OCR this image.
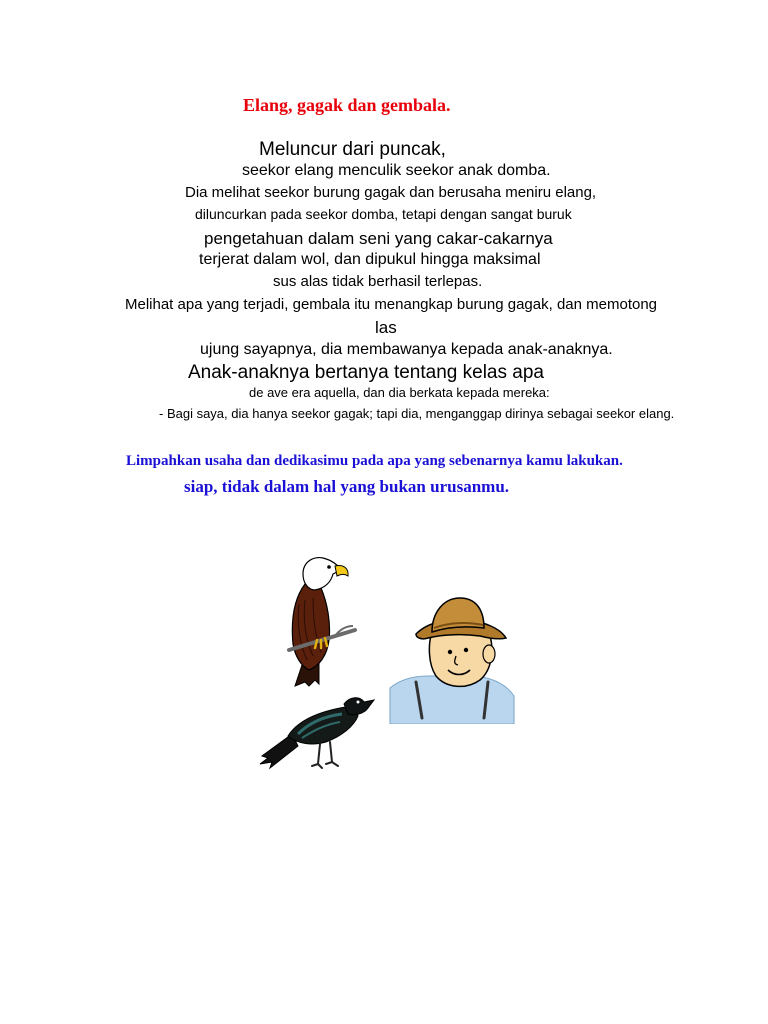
Elang, gagak dan gembala.
Meluncur dari puncak,
seekor elang menculik seekor anak domba.
Dia melihat seekor burung gagak dan berusaha meniru elang,
diluncurkan pada seekor domba, tetapi dengan sangat buruk
pengetahuan dalam seni yang cakar-cakarnya
terjerat dalam wol, dan dipukul hingga maksimal
sus alas tidak berhasil terlepas.
Melihat apa yang terjadi, gembala itu menangkap burung gagak, dan memotong
las
ujung sayapnya, dia membawanya kepada anak-anaknya.
Anak-anaknya bertanya tentang kelas apa
de ave era aquella, dan dia berkata kepada mereka:
- Bagi saya, dia hanya seekor gagak; tapi dia, menganggap dirinya sebagai seekor elang.
Limpahkan usaha dan dedikasimu pada apa yang sebenarnya kamu lakukan.
siap, tidak dalam hal yang bukan urusanmu.
